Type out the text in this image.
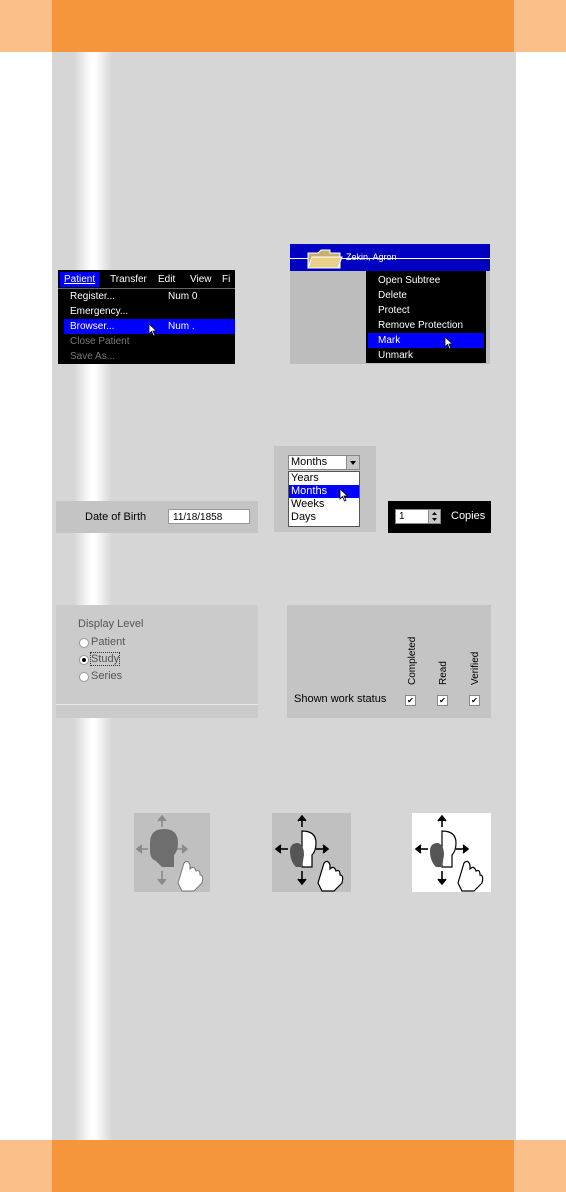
Patient	Transfer Edit View Fi
Register...	Num 0
Emergency...
Browser...	Num .
Close Patient
Save As...
Zekin, Agron
Open Subtree
Delete
Protect
Remove Protection
Mark
Unmark
Date of Birth	11/18/1858
Months
Years
Months
Weeks
Days	1	Copies
Display Level
Patient
Study
Series	Completed Read Verified
Shown work status	✔	✔	✔
